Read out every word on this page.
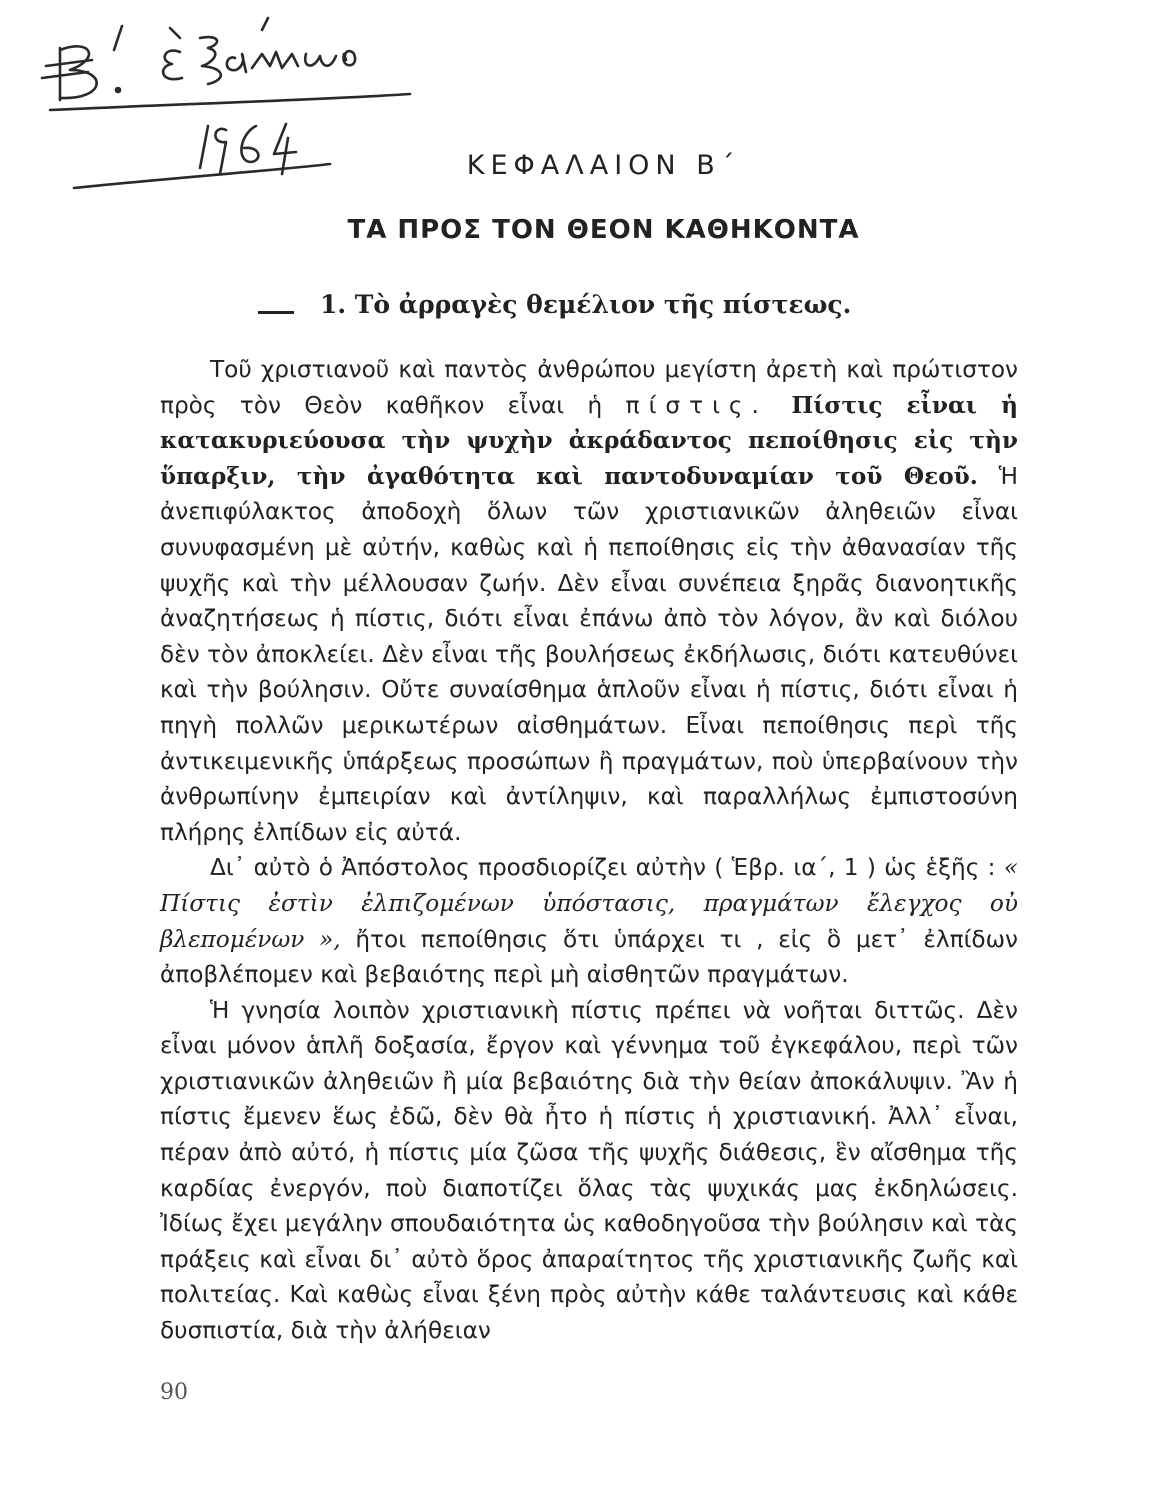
ΚΕΦΑΛΑΙΟΝ Β΄
ΤΑ ΠΡΟΣ ΤΟΝ ΘΕΟΝ ΚΑΘΗΚΟΝΤΑ
1. Τὸ ἀρραγὲς θεμέλιον τῆς πίστεως.

Τοῦ χριστιανοῦ καὶ παντὸς ἀνθρώπου μεγίστη ἀρετὴ καὶ πρώτιστον πρὸς τὸν Θεὸν καθῆκον εἶναι ἡ πίστις. Πίστις εἶναι ἡ κατακυριεύουσα τὴν ψυχὴν ἀκράδαντος πεποίθησις εἰς τὴν ὕπαρξιν, τὴν ἀγαθότητα καὶ παντοδυναμίαν τοῦ Θεοῦ. Ἡ ἀνεπιφύλακτος ἀποδοχὴ ὅλων τῶν χριστιανικῶν ἀληθειῶν εἶναι συνυφασμένη μὲ αὐτήν, καθὼς καὶ ἡ πεποίθησις εἰς τὴν ἀθανασίαν τῆς ψυχῆς καὶ τὴν μέλλουσαν ζωήν. Δὲν εἶναι συνέπεια ξηρᾶς διανοητικῆς ἀναζητήσεως ἡ πίστις, διότι εἶναι ἐπάνω ἀπὸ τὸν λόγον, ἂν καὶ διόλου δὲν τὸν ἀποκλείει. Δὲν εἶναι τῆς βουλήσεως ἐκδήλωσις, διότι κατευθύνει καὶ τὴν βούλησιν. Οὔτε συναίσθημα ἁπλοῦν εἶναι ἡ πίστις, διότι εἶναι ἡ πηγὴ πολλῶν μερικωτέρων αἰσθημάτων. Εἶναι πεποίθησις περὶ τῆς ἀντικειμενικῆς ὑπάρξεως προσώπων ἢ πραγμάτων, ποὺ ὑπερβαίνουν τὴν ἀνθρωπίνην ἐμπειρίαν καὶ ἀντίληψιν, καὶ παραλλήλως ἐμπιστοσύνη πλήρης ἐλπίδων εἰς αὐτά.

Δι᾿ αὐτὸ ὁ Ἀπόστολος προσδιορίζει αὐτὴν ( Ἑβρ. ια΄, 1 ) ὡς ἑξῆς : « Πίστις ἐστὶν ἐλπιζομένων ὑπόστασις, πραγμάτων ἔλεγχος οὐ βλεπομένων », ἤτοι πεποίθησις ὅτι ὑπάρχει τι , εἰς ὃ μετ᾿ ἐλπίδων ἀποβλέπομεν καὶ βεβαιότης περὶ μὴ αἰσθητῶν πραγμάτων.

Ἡ γνησία λοιπὸν χριστιανικὴ πίστις πρέπει νὰ νοῆται διττῶς. Δὲν εἶναι μόνον ἁπλῆ δοξασία, ἔργον καὶ γέννημα τοῦ ἐγκεφάλου, περὶ τῶν χριστιανικῶν ἀληθειῶν ἢ μία βεβαιότης διὰ τὴν θείαν ἀποκάλυψιν. Ἂν ἡ πίστις ἔμενεν ἕως ἐδῶ, δὲν θὰ ἦτο ἡ πίστις ἡ χριστιανική. Ἀλλ᾿ εἶναι, πέραν ἀπὸ αὐτό, ἡ πίστις μία ζῶσα τῆς ψυχῆς διάθεσις, ἓν αἴσθημα τῆς καρδίας ἐνεργόν, ποὺ διαποτίζει ὅλας τὰς ψυχικάς μας ἐκδηλώσεις. Ἰδίως ἔχει μεγάλην σπουδαιότητα ὡς καθοδηγοῦσα τὴν βούλησιν καὶ τὰς πράξεις καὶ εἶναι δι᾿ αὐτὸ ὅρος ἀπαραίτητος τῆς χριστιανικῆς ζωῆς καὶ πολιτείας. Καὶ καθὼς εἶναι ξένη πρὸς αὐτὴν κάθε ταλάντευσις καὶ κάθε δυσπιστία, διὰ τὴν ἀλήθειαν

90
